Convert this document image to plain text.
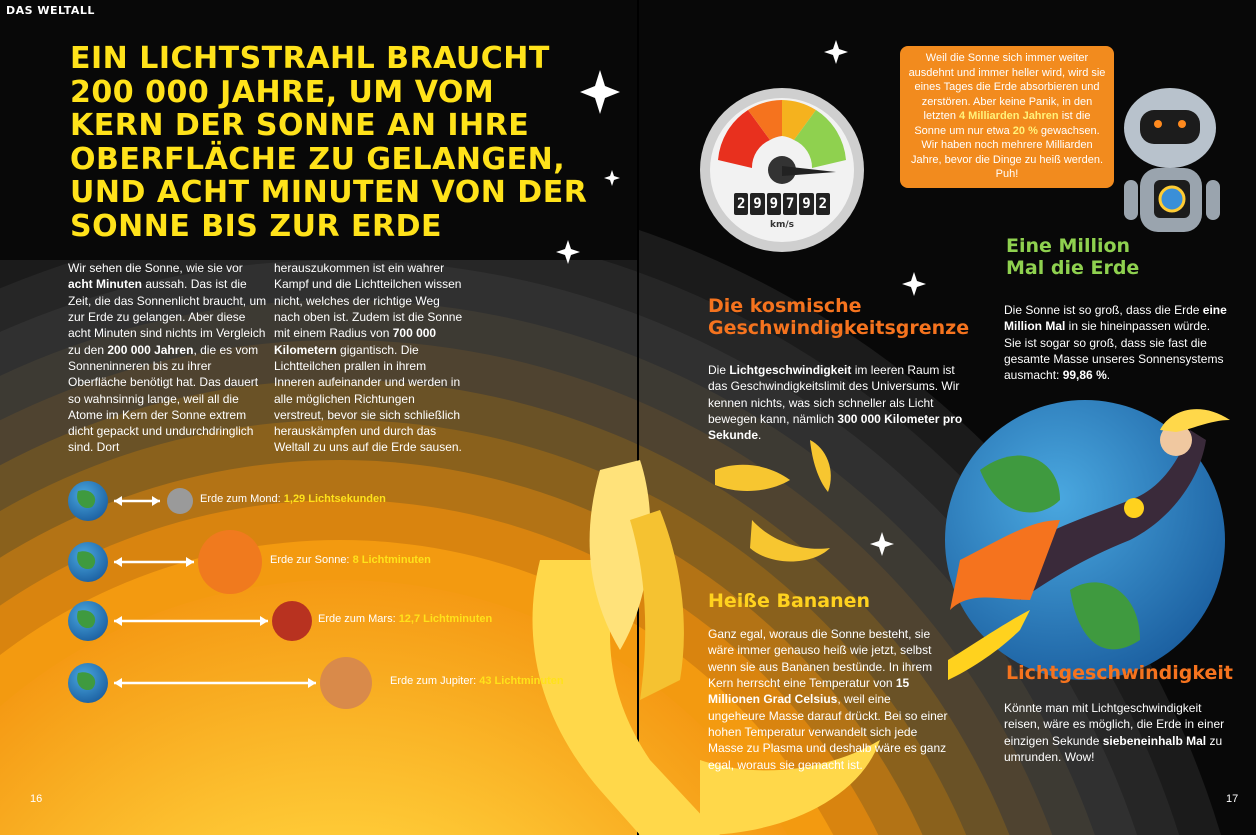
DAS WELTALL
EIN LICHTSTRAHL BRAUCHT 200 000 JAHRE, UM VOM KERN DER SONNE AN IHRE OBERFLÄCHE ZU GELANGEN, UND ACHT MINUTEN VON DER SONNE BIS ZUR ERDE

Wir sehen die Sonne, wie sie vor acht Minuten aussah. Das ist die Zeit, die das Sonnenlicht braucht, um zur Erde zu gelangen. Aber diese acht Minuten sind nichts im Vergleich zu den 200 000 Jahren, die es vom Sonneninneren bis zu ihrer Oberfläche benötigt hat. Das dauert so wahnsinnig lange, weil all die Atome im Kern der Sonne extrem dicht gepackt und undurchdringlich sind. Dort

herauszukommen ist ein wahrer Kampf und die Lichtteilchen wissen nicht, welches der richtige Weg nach oben ist. Zudem ist die Sonne mit einem Radius von 700 000 Kilometern gigantisch. Die Lichtteilchen prallen in ihrem Inneren aufeinander und werden in alle möglichen Richtungen verstreut, bevor sie sich schließlich herauskämpfen und durch das Weltall zu uns auf die Erde sausen.

Erde zum Mond: 1,29 Lichtsekunden
Erde zur Sonne: 8 Lichtminuten
Erde zum Mars: 12,7 Lichtminuten
Erde zum Jupiter: 43 Lichtminuten
2 9 9 7 9 2
km/s
Weil die Sonne sich immer weiter ausdehnt und immer heller wird, wird sie eines Tages die Erde absorbieren und zerstören. Aber keine Panik, in den letzten 4 Milliarden Jahren ist die Sonne um nur etwa 20 % gewachsen. Wir haben noch mehrere Milliarden Jahre, bevor die Dinge zu heiß werden. Puh!
Die kosmische
Geschwindigkeitsgrenze

Die Lichtgeschwindigkeit im leeren Raum ist das Geschwindigkeitslimit des Universums. Wir kennen nichts, was sich schneller als Licht bewegen kann, nämlich 300 000 Kilometer pro Sekunde.

Eine Million
Mal die Erde

Die Sonne ist so groß, dass die Erde eine Million Mal in sie hineinpassen würde. Sie ist sogar so groß, dass sie fast die gesamte Masse unseres Sonnensystems ausmacht: 99,86 %.

Heiße Bananen

Ganz egal, woraus die Sonne besteht, sie wäre immer genauso heiß wie jetzt, selbst wenn sie aus Bananen bestünde. In ihrem Kern herrscht eine Temperatur von 15 Millionen Grad Celsius, weil eine ungeheure Masse darauf drückt. Bei so einer hohen Temperatur verwandelt sich jede Masse zu Plasma und deshalb wäre es ganz egal, woraus sie gemacht ist.

Lichtgeschwindigkeit

Könnte man mit Lichtgeschwindigkeit reisen, wäre es möglich, die Erde in einer einzigen Sekunde siebeneinhalb Mal zu umrunden. Wow!

16	17
